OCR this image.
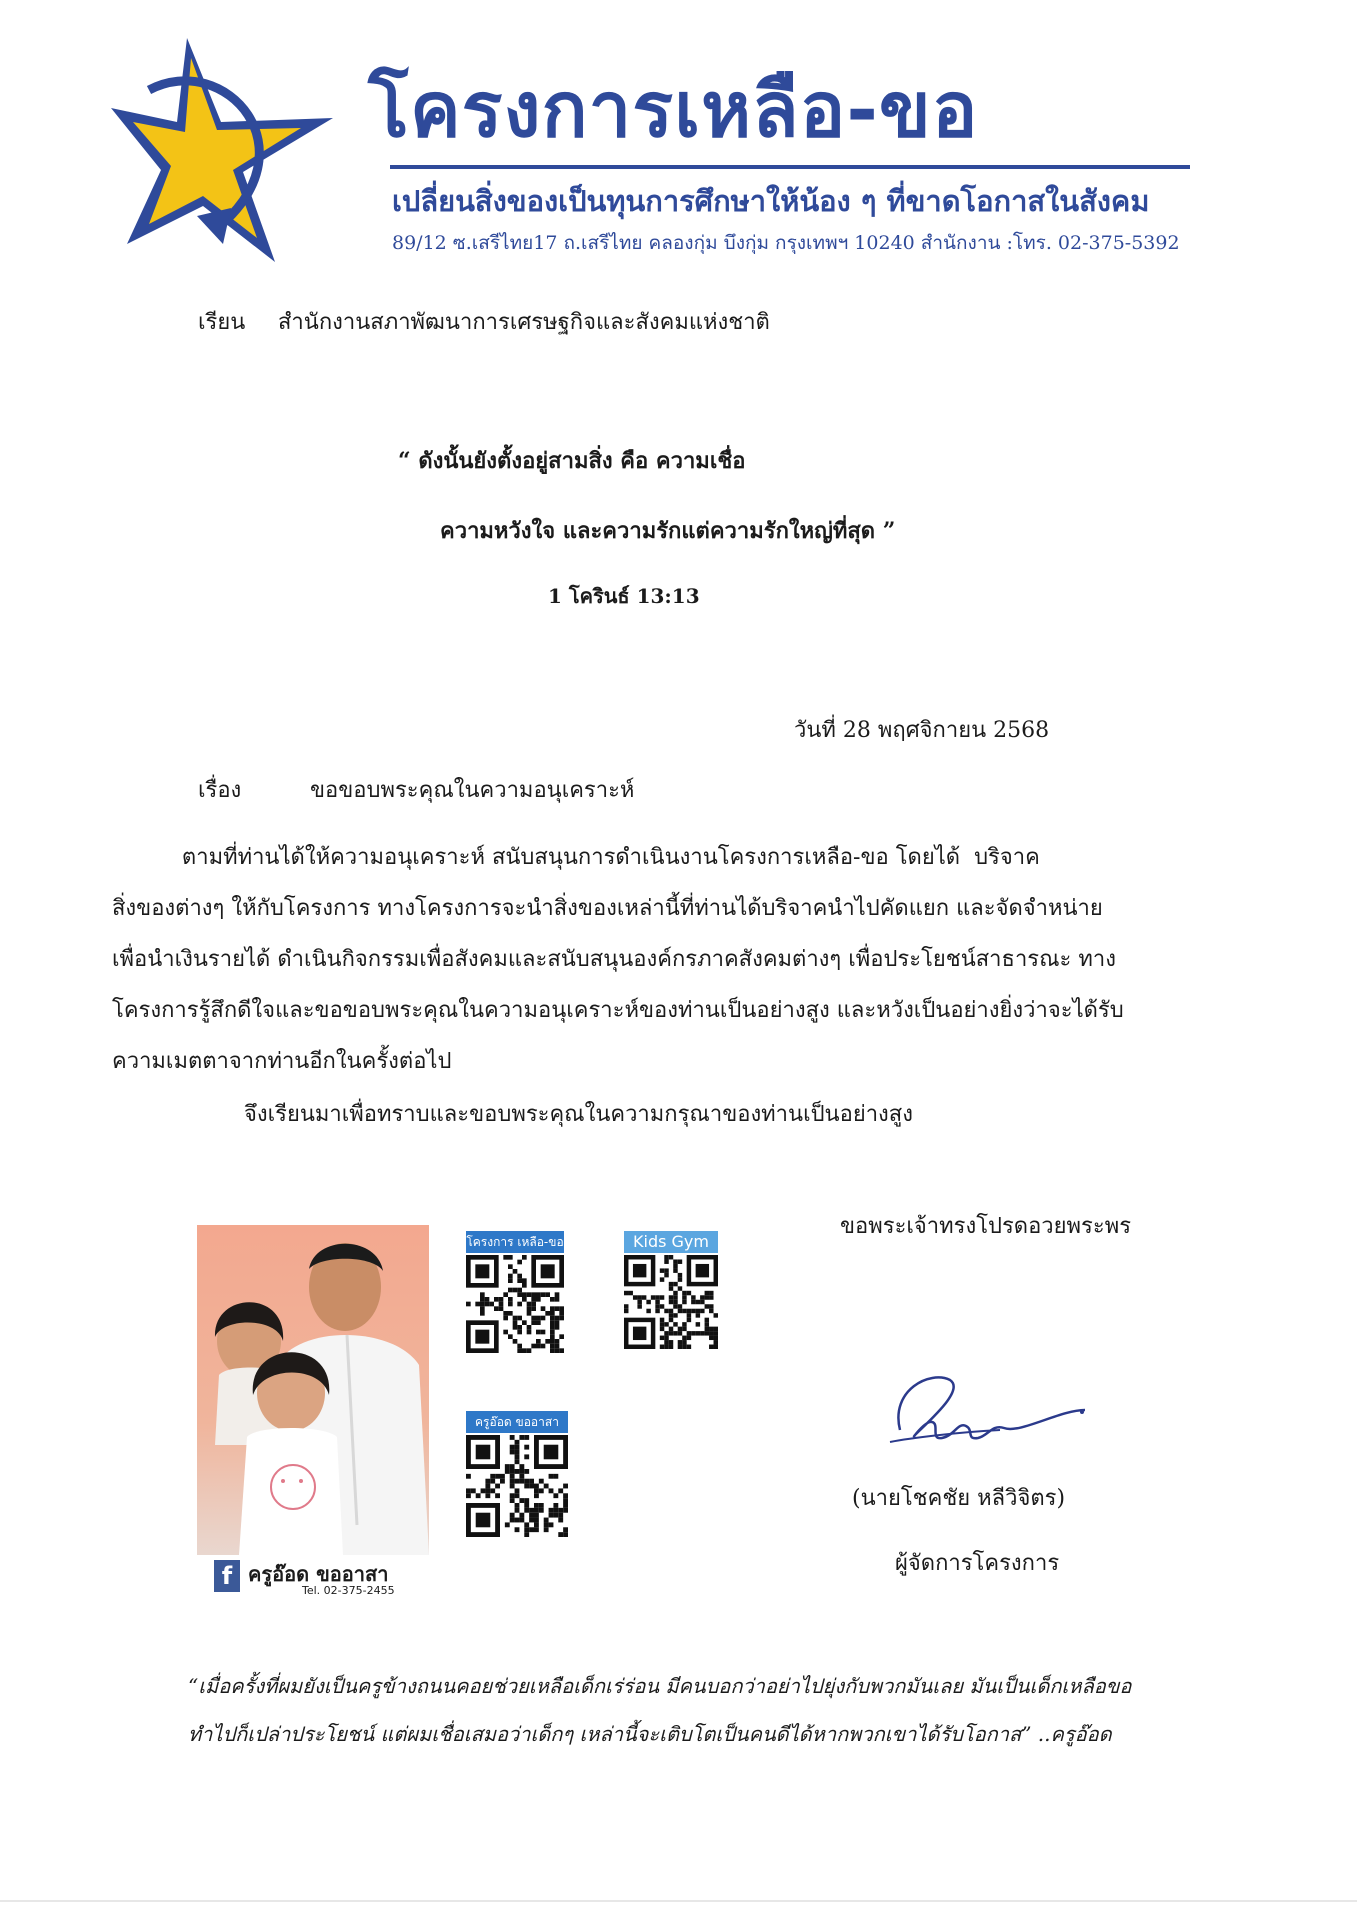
โครงการเหลือ-ขอ
เปลี่ยนสิ่งของเป็นทุนการศึกษาให้น้อง ๆ ที่ขาดโอกาสในสังคม
89/12 ซ.เสรีไทย17 ถ.เสรีไทย คลองกุ่ม บึงกุ่ม กรุงเทพฯ 10240 สำนักงาน :โทร. 02-375-5392
เรียน สำนักงานสภาพัฒนาการเศรษฐกิจและสังคมแห่งชาติ
“ ดังนั้นยังตั้งอยู่สามสิ่ง คือ ความเชื่อ
ความหวังใจ และความรักแต่ความรักใหญ่ที่สุด ”
1 โครินธ์ 13:13
วันที่ 28 พฤศจิกายน 2568
เรื่อง	ขอขอบพระคุณในความอนุเคราะห์
ตามที่ท่านได้ให้ความอนุเคราะห์ สนับสนุนการดำเนินงานโครงการเหลือ-ขอ โดยได้  บริจาค
สิ่งของต่างๆ ให้กับโครงการ ทางโครงการจะนำสิ่งของเหล่านี้ที่ท่านได้บริจาคนำไปคัดแยก และจัดจำหน่าย
เพื่อนำเงินรายได้ ดำเนินกิจกรรมเพื่อสังคมและสนับสนุนองค์กรภาคสังคมต่างๆ เพื่อประโยชน์สาธารณะ ทาง
โครงการรู้สึกดีใจและขอขอบพระคุณในความอนุเคราะห์ของท่านเป็นอย่างสูง และหวังเป็นอย่างยิ่งว่าจะได้รับ
ความเมตตาจากท่านอีกในครั้งต่อไป
จึงเรียนมาเพื่อทราบและขอบพระคุณในความกรุณาของท่านเป็นอย่างสูง
ขอพระเจ้าทรงโปรดอวยพระพร
(นายโชคชัย หลีวิจิตร)
ผู้จัดการโครงการ
f ครูอ๊อด ขออาสา
Tel. 02-375-2455
โครงการ เหลือ-ขอ	Kids Gym
ครูอ๊อด ขออาสา
“เมื่อครั้งที่ผมยังเป็นครูข้างถนนคอยช่วยเหลือเด็กเร่ร่อน มีคนบอกว่าอย่าไปยุ่งกับพวกมันเลย มันเป็นเด็กเหลือขอ
ทำไปก็เปล่าประโยชน์ แต่ผมเชื่อเสมอว่าเด็กๆ เหล่านี้จะเติบโตเป็นคนดีได้หากพวกเขาได้รับโอกาส” ..ครูอ๊อด
